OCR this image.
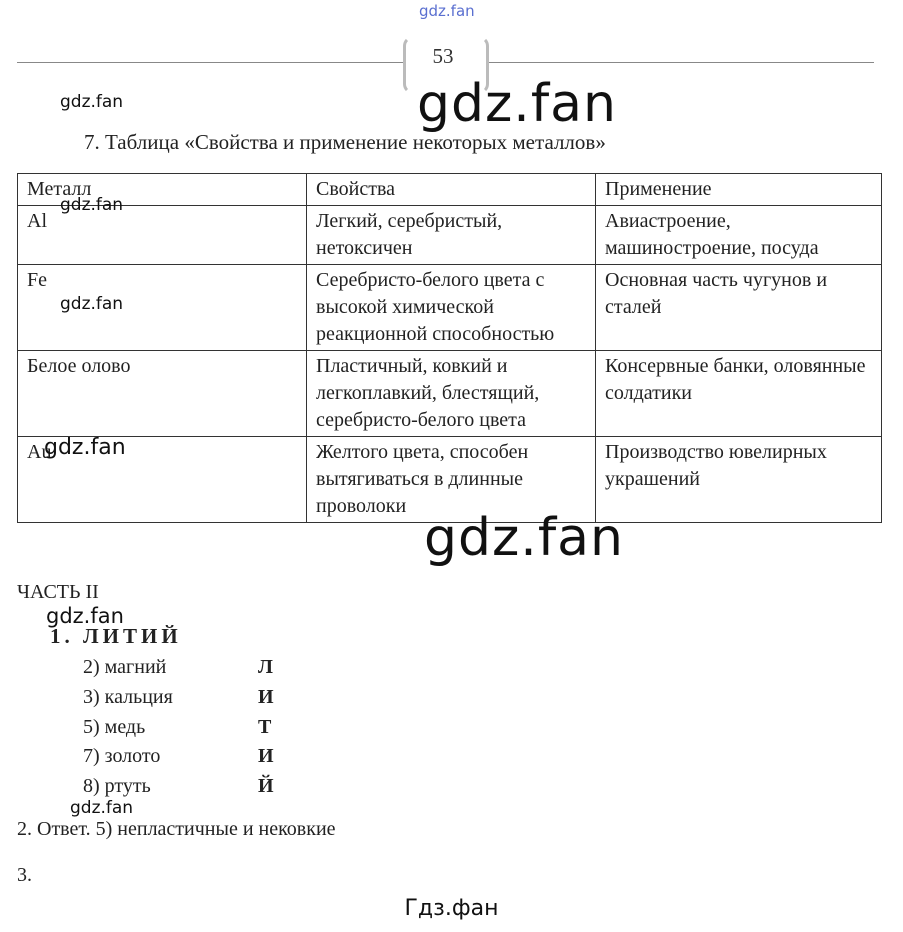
gdz.fan
53
7. Таблица «Свойства и применение некоторых металлов»
Металл	Свойства	Применение
Al	Легкий, серебристый, нетоксичен	Авиастроение, машиностроение, посуда
Fe	Серебристо-белого цвета с высокой химической реакционной способностью	Основная часть чугунов и сталей
Белое олово	Пластичный, ковкий и легкоплавкий, блестящий, серебристо-белого цвета	Консервные банки, оловянные солдатики
Au	Желтого цвета, способен вытягиваться в длинные проволоки	Производство ювелирных украшений
ЧАСТЬ II
1. ЛИТИЙ
2) магний	Л
3) кальция	И
5) медь	Т
7) золото	И
8) ртуть	Й
2. Ответ. 5) непластичные и нековкие
3.
gdz.fan	gdz.fan
gdz.fan
gdz.fan
gdz.fan
gdz.fan
gdz.fan
gdz.fan
Гдз.фан
